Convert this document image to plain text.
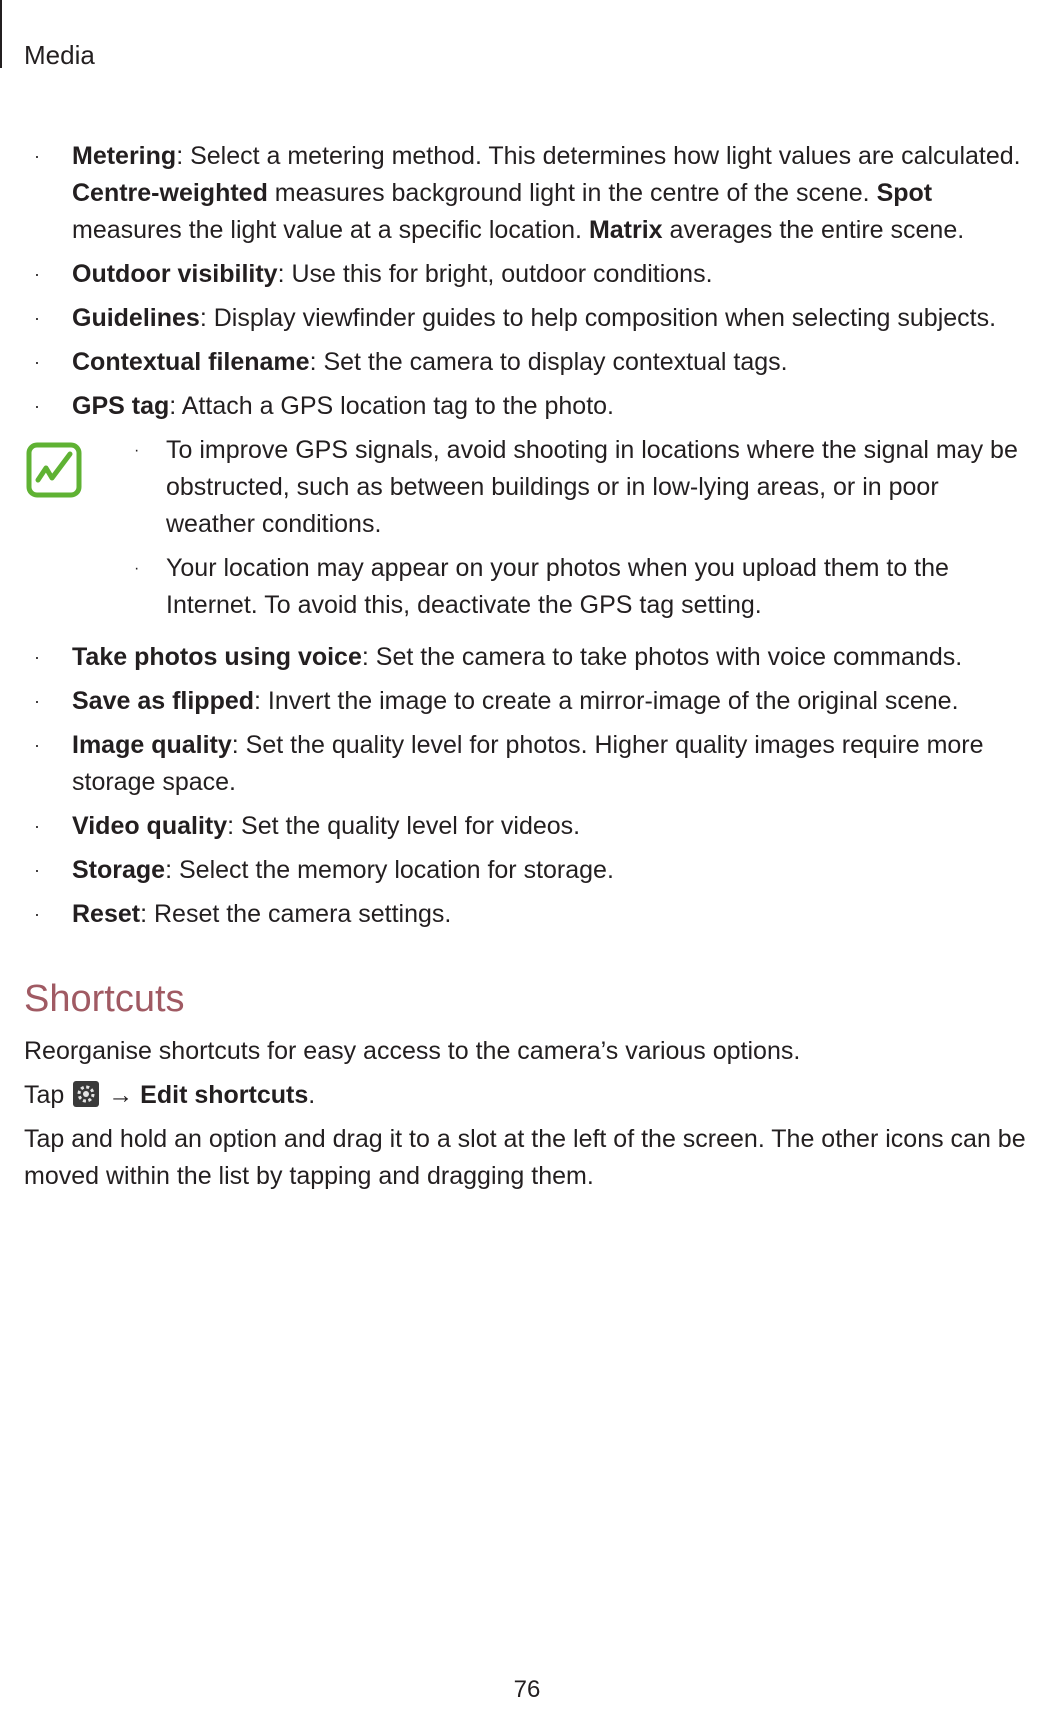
Media
· Metering: Select a metering method. This determines how light values are calculated. Centre-weighted measures background light in the centre of the scene. Spot measures the light value at a specific location. Matrix averages the entire scene.
· Outdoor visibility: Use this for bright, outdoor conditions.
· Guidelines: Display viewfinder guides to help composition when selecting subjects.
· Contextual filename: Set the camera to display contextual tags.
· GPS tag: Attach a GPS location tag to the photo.
· To improve GPS signals, avoid shooting in locations where the signal may be obstructed, such as between buildings or in low-lying areas, or in poor weather conditions.
· Your location may appear on your photos when you upload them to the Internet. To avoid this, deactivate the GPS tag setting.
· Take photos using voice: Set the camera to take photos with voice commands.
· Save as flipped: Invert the image to create a mirror-image of the original scene.
· Image quality: Set the quality level for photos. Higher quality images require more storage space.
· Video quality: Set the quality level for videos.
· Storage: Select the memory location for storage.
· Reset: Reset the camera settings.
Shortcuts

Reorganise shortcuts for easy access to the camera’s various options.

Tap → Edit shortcuts.

Tap and hold an option and drag it to a slot at the left of the screen. The other icons can be moved within the list by tapping and dragging them.

76
